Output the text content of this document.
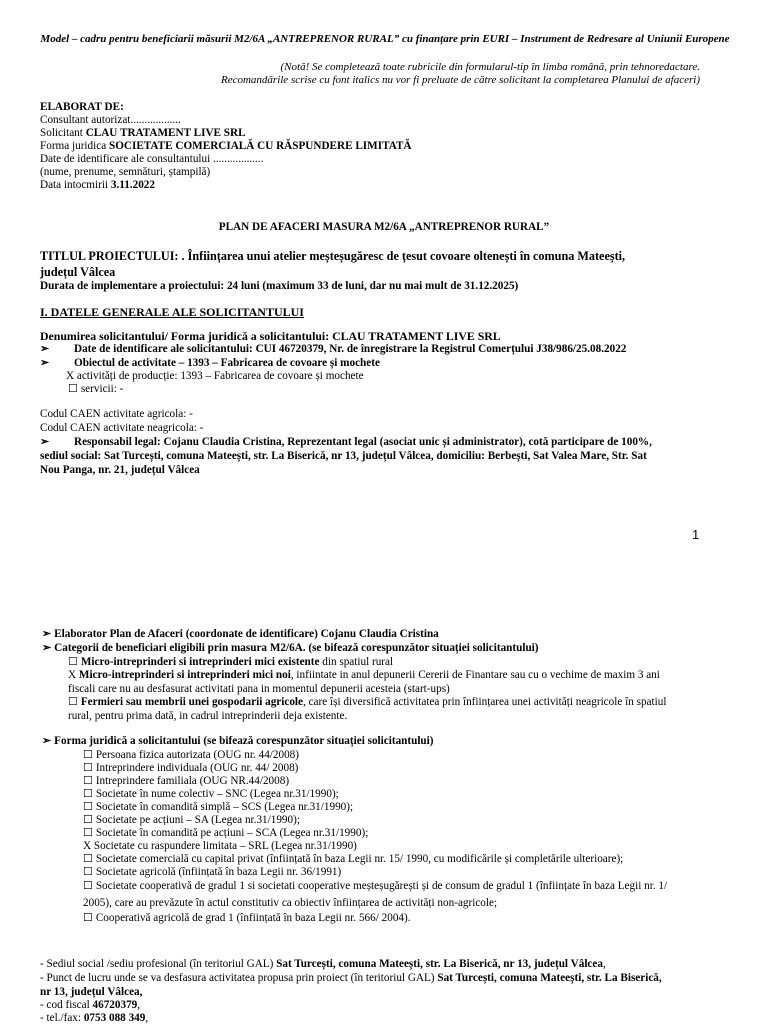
Model – cadru pentru beneficiarii măsurii M2/6A „ANTREPRENOR RURAL” cu finanțare prin EURI – Instrument de Redresare al Uniunii Europene
(Notă! Se completează toate rubricile din formularul-tip în limba română, prin tehnoredactare.
Recomandările scrise cu font italics nu vor fi preluate de către solicitant la completarea Planului de afaceri)
ELABORAT DE:
Consultant autorizat..................
Solicitant CLAU TRATAMENT LIVE SRL
Forma juridica SOCIETATE COMERCIALĂ CU RĂSPUNDERE LIMITATĂ
Date de identificare ale consultantului ..................
(nume, prenume, semnături, ștampilă)
Data intocmirii 3.11.2022
PLAN DE AFACERI MASURA M2/6A „ANTREPRENOR RURAL”
TITLUL PROIECTULUI: . Înființarea unui atelier meșteșugăresc de țesut covoare oltenești în comuna Mateești,
județul Vâlcea
Durata de implementare a proiectului: 24 luni (maximum 33 de luni, dar nu mai mult de 31.12.2025)
I. DATELE GENERALE ALE SOLICITANTULUI
Denumirea solicitantului/ Forma juridică a solicitantului: CLAU TRATAMENT LIVE SRL
➢ Date de identificare ale solicitantului: CUI 46720379, Nr. de înregistrare la Registrul Comerțului J38/986/25.08.2022
➢ Obiectul de activitate – 1393 – Fabricarea de covoare și mochete
X activități de producție: 1393 – Fabricarea de covoare și mochete
☐ servicii: -
Codul CAEN activitate agricola: -
Codul CAEN activitate neagricola: -
➢ Responsabil legal: Cojanu Claudia Cristina, Reprezentant legal (asociat unic și administrator), cotă participare de 100%,
sediul social: Sat Turcești, comuna Mateești, str. La Biserică, nr 13, județul Vâlcea, domiciliu: Berbești, Sat Valea Mare, Str. Sat
Nou Panga, nr. 21, județul Vâlcea
1
➢ Elaborator Plan de Afaceri (coordonate de identificare) Cojanu Claudia Cristina
➢ Categorii de beneficiari eligibili prin masura M2/6A. (se bifează corespunzător situației solicitantului)
☐ Micro-intreprinderi si intreprinderi mici existente din spatiul rural
X Micro-intreprinderi si intreprinderi mici noi, infiintate in anul depunerii Cererii de Finantare sau cu o vechime de maxim 3 ani
fiscali care nu au desfasurat activitati pana in momentul depunerii acesteia (start-ups)
☐ Fermieri sau membrii unei gospodarii agricole, care își diversifică activitatea prin înființarea unei activități neagricole în spatiul
rural, pentru prima dată, in cadrul intreprinderii deja existente.
➢ Forma juridică a solicitantului (se bifează corespunzător situației solicitantului)
☐ Persoana fizica autorizata (OUG nr. 44/2008)
☐ Intreprindere individuala (OUG nr. 44/ 2008)
☐ Intreprindere familiala (OUG NR.44/2008)
☐ Societate în nume colectiv – SNC (Legea nr.31/1990);
☐ Societate în comandită simplă – SCS (Legea nr.31/1990);
☐ Societate pe acțiuni – SA (Legea nr.31/1990);
☐ Societate în comandită pe acțiuni – SCA (Legea nr.31/1990);
X Societate cu raspundere limitata – SRL (Legea nr.31/1990)
☐ Societate comercială cu capital privat (înființată în baza Legii nr. 15/ 1990, cu modificările și completările ulterioare);
☐ Societate agricolă (înființată în baza Legii nr. 36/1991)
☐ Societate cooperativă de gradul 1 si societati cooperative meșteșugărești și de consum de gradul 1 (înființate în baza Legii nr. 1/
2005), care au prevăzute în actul constitutiv ca obiectiv înființarea de activități non-agricole;
☐ Cooperativă agricolă de grad 1 (înființată în baza Legii nr. 566/ 2004).
- Sediul social /sediu profesional (în teritoriul GAL) Sat Turcești, comuna Mateești, str. La Biserică, nr 13, județul Vâlcea,
- Punct de lucru unde se va desfasura activitatea propusa prin proiect (în teritoriul GAL) Sat Turcești, comuna Mateești, str. La Biserică,
nr 13, județul Vâlcea,
- cod fiscal 46720379,
- tel./fax: 0753 088 349,
